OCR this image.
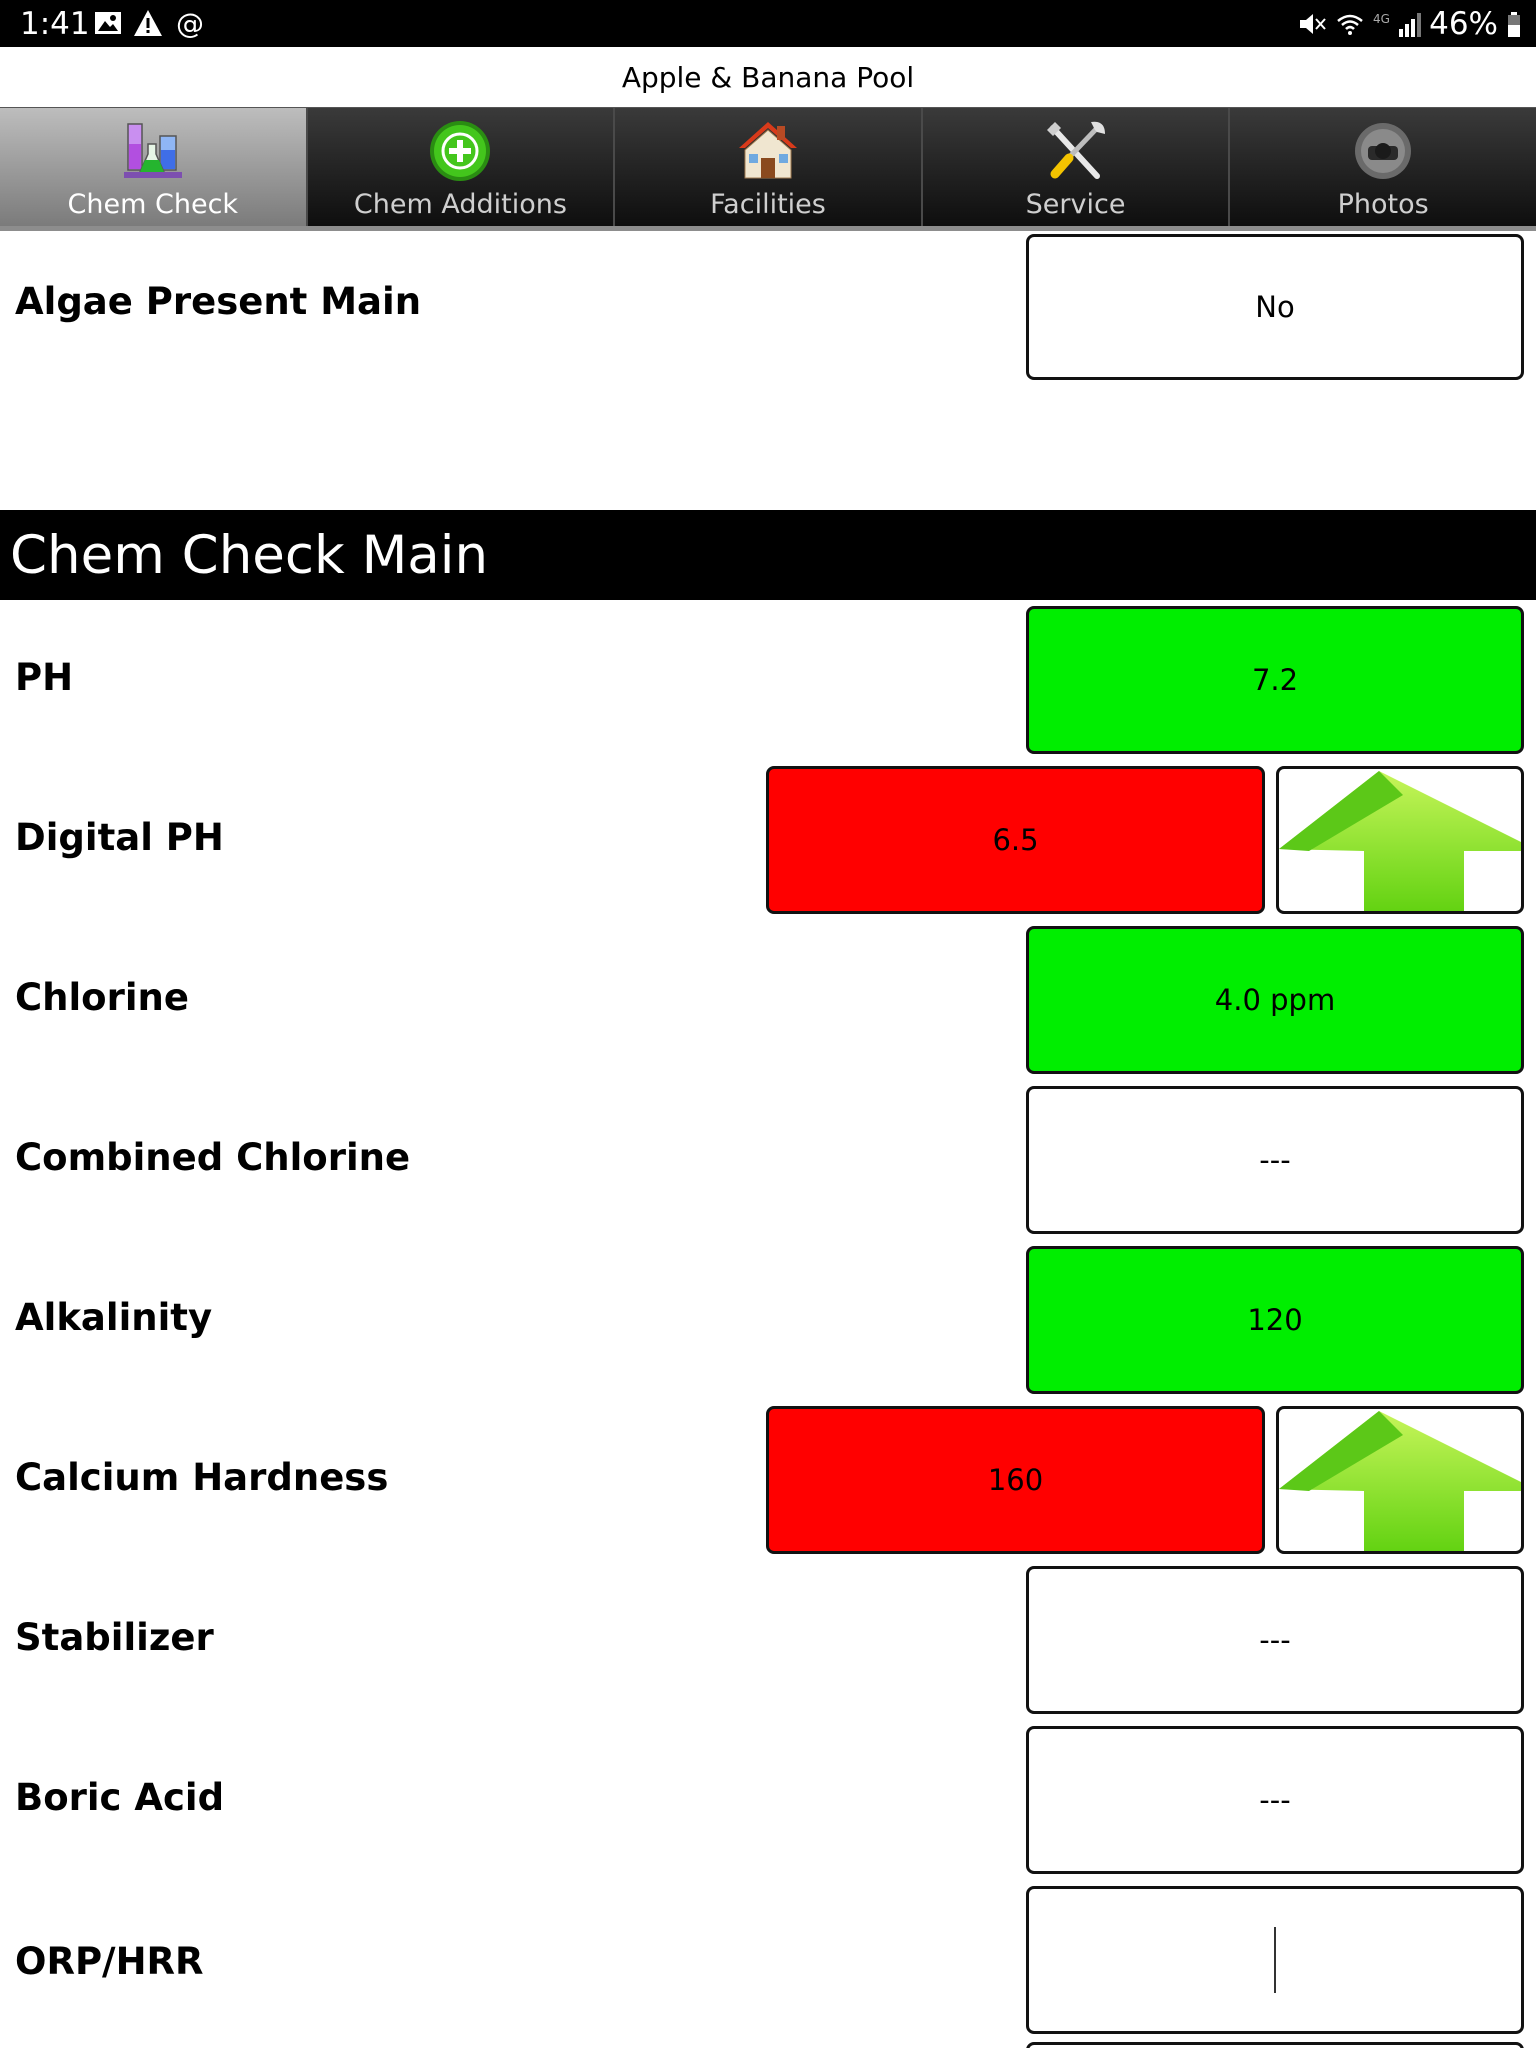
1:41	@	4G 46%
Apple & Banana Pool
Chem Check	Chem Additions	Facilities	Service	Photos
Algae Present Main	No
Chem Check Main
PH	7.2
Digital PH	6.5
Chlorine	4.0 ppm
Combined Chlorine	---
Alkalinity	120
Calcium Hardness	160
Stabilizer	---
Boric Acid	---
ORP/HRR
